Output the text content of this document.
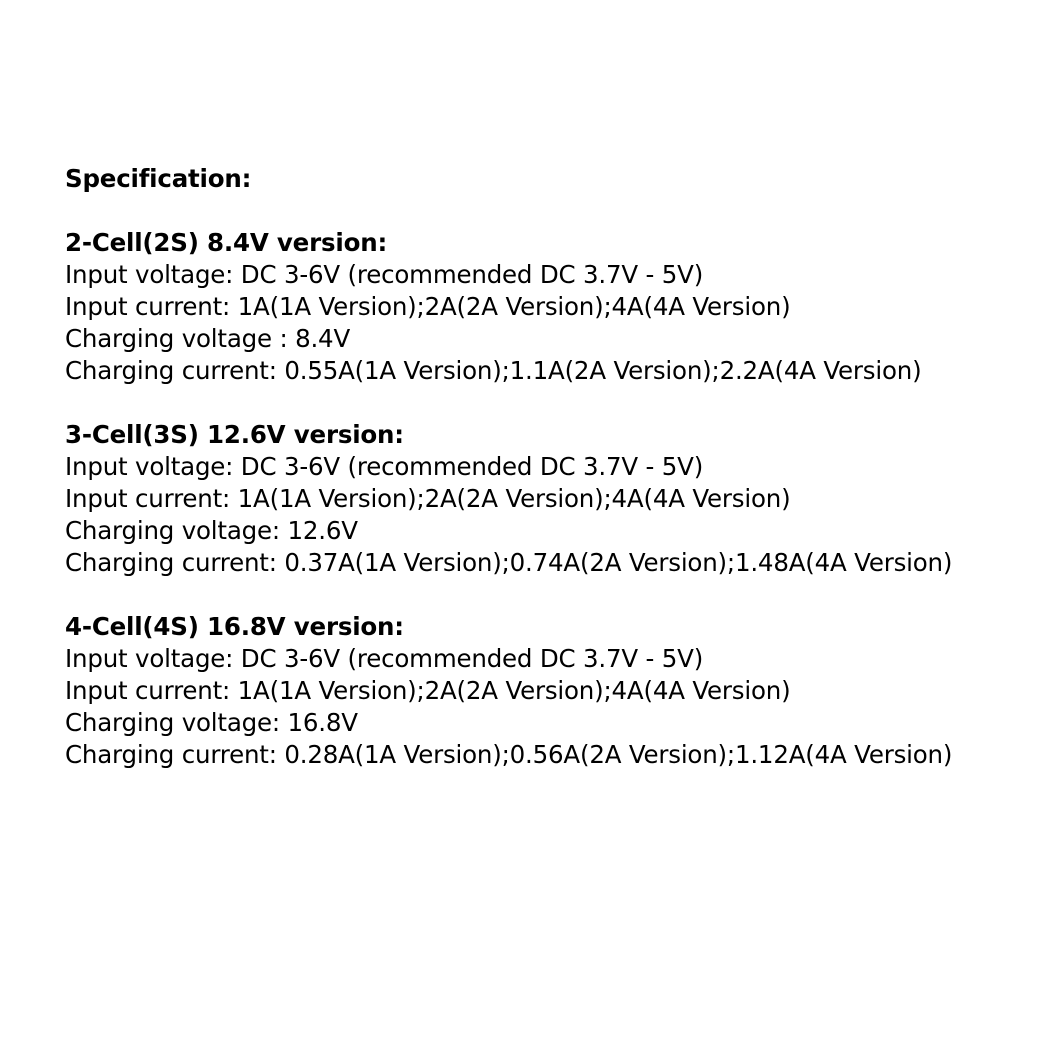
Specification:
2-Cell(2S) 8.4V version:
Input voltage: DC 3-6V (recommended DC 3.7V - 5V)
Input current: 1A(1A Version);2A(2A Version);4A(4A Version)
Charging voltage : 8.4V
Charging current: 0.55A(1A Version);1.1A(2A Version);2.2A(4A Version)
3-Cell(3S) 12.6V version:
Input voltage: DC 3-6V (recommended DC 3.7V - 5V)
Input current: 1A(1A Version);2A(2A Version);4A(4A Version)
Charging voltage: 12.6V
Charging current: 0.37A(1A Version);0.74A(2A Version);1.48A(4A Version)
4-Cell(4S) 16.8V version:
Input voltage: DC 3-6V (recommended DC 3.7V - 5V)
Input current: 1A(1A Version);2A(2A Version);4A(4A Version)
Charging voltage: 16.8V
Charging current: 0.28A(1A Version);0.56A(2A Version);1.12A(4A Version)
